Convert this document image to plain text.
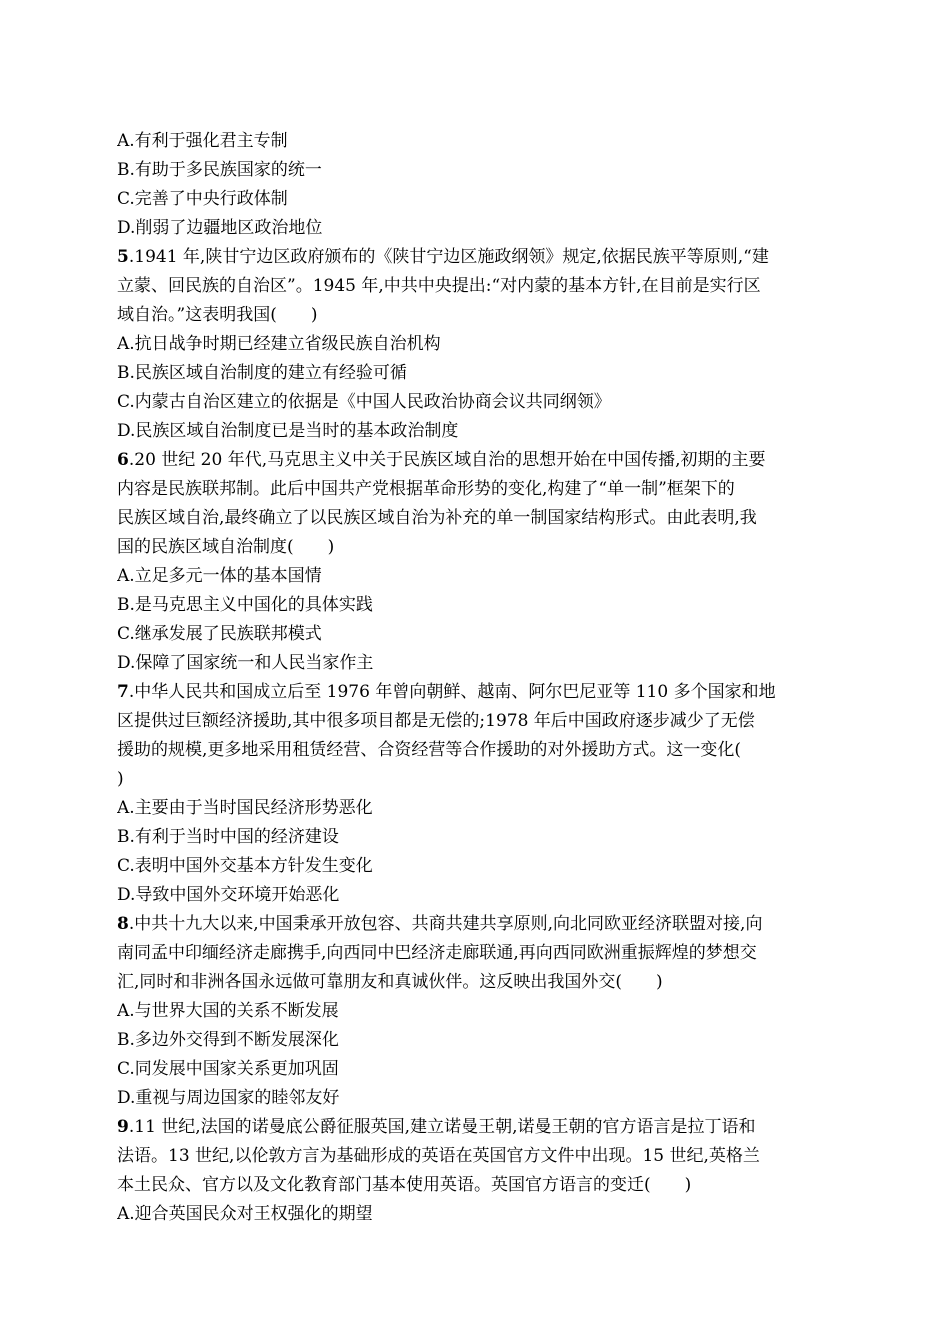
A.有利于强化君主专制
B.有助于多民族国家的统一
C.完善了中央行政体制
D.削弱了边疆地区政治地位
5.1941 年,陕甘宁边区政府颁布的《陕甘宁边区施政纲领》规定,依据民族平等原则,“建
立蒙、回民族的自治区”。1945 年,中共中央提出:“对内蒙的基本方针,在目前是实行区
域自治。”这表明我国(　　)
A.抗日战争时期已经建立省级民族自治机构
B.民族区域自治制度的建立有经验可循
C.内蒙古自治区建立的依据是《中国人民政治协商会议共同纲领》
D.民族区域自治制度已是当时的基本政治制度
6.20 世纪 20 年代,马克思主义中关于民族区域自治的思想开始在中国传播,初期的主要
内容是民族联邦制。此后中国共产党根据革命形势的变化,构建了“单一制”框架下的
民族区域自治,最终确立了以民族区域自治为补充的单一制国家结构形式。由此表明,我
国的民族区域自治制度(　　)
A.立足多元一体的基本国情
B.是马克思主义中国化的具体实践
C.继承发展了民族联邦模式
D.保障了国家统一和人民当家作主
7.中华人民共和国成立后至 1976 年曾向朝鲜、越南、阿尔巴尼亚等 110 多个国家和地
区提供过巨额经济援助,其中很多项目都是无偿的;1978 年后中国政府逐步减少了无偿
援助的规模,更多地采用租赁经营、合资经营等合作援助的对外援助方式。这一变化(
)
A.主要由于当时国民经济形势恶化
B.有利于当时中国的经济建设
C.表明中国外交基本方针发生变化
D.导致中国外交环境开始恶化
8.中共十九大以来,中国秉承开放包容、共商共建共享原则,向北同欧亚经济联盟对接,向
南同孟中印缅经济走廊携手,向西同中巴经济走廊联通,再向西同欧洲重振辉煌的梦想交
汇,同时和非洲各国永远做可靠朋友和真诚伙伴。这反映出我国外交(　　)
A.与世界大国的关系不断发展
B.多边外交得到不断发展深化
C.同发展中国家关系更加巩固
D.重视与周边国家的睦邻友好
9.11 世纪,法国的诺曼底公爵征服英国,建立诺曼王朝,诺曼王朝的官方语言是拉丁语和
法语。13 世纪,以伦敦方言为基础形成的英语在英国官方文件中出现。15 世纪,英格兰
本土民众、官方以及文化教育部门基本使用英语。英国官方语言的变迁(　　)
A.迎合英国民众对王权强化的期望
